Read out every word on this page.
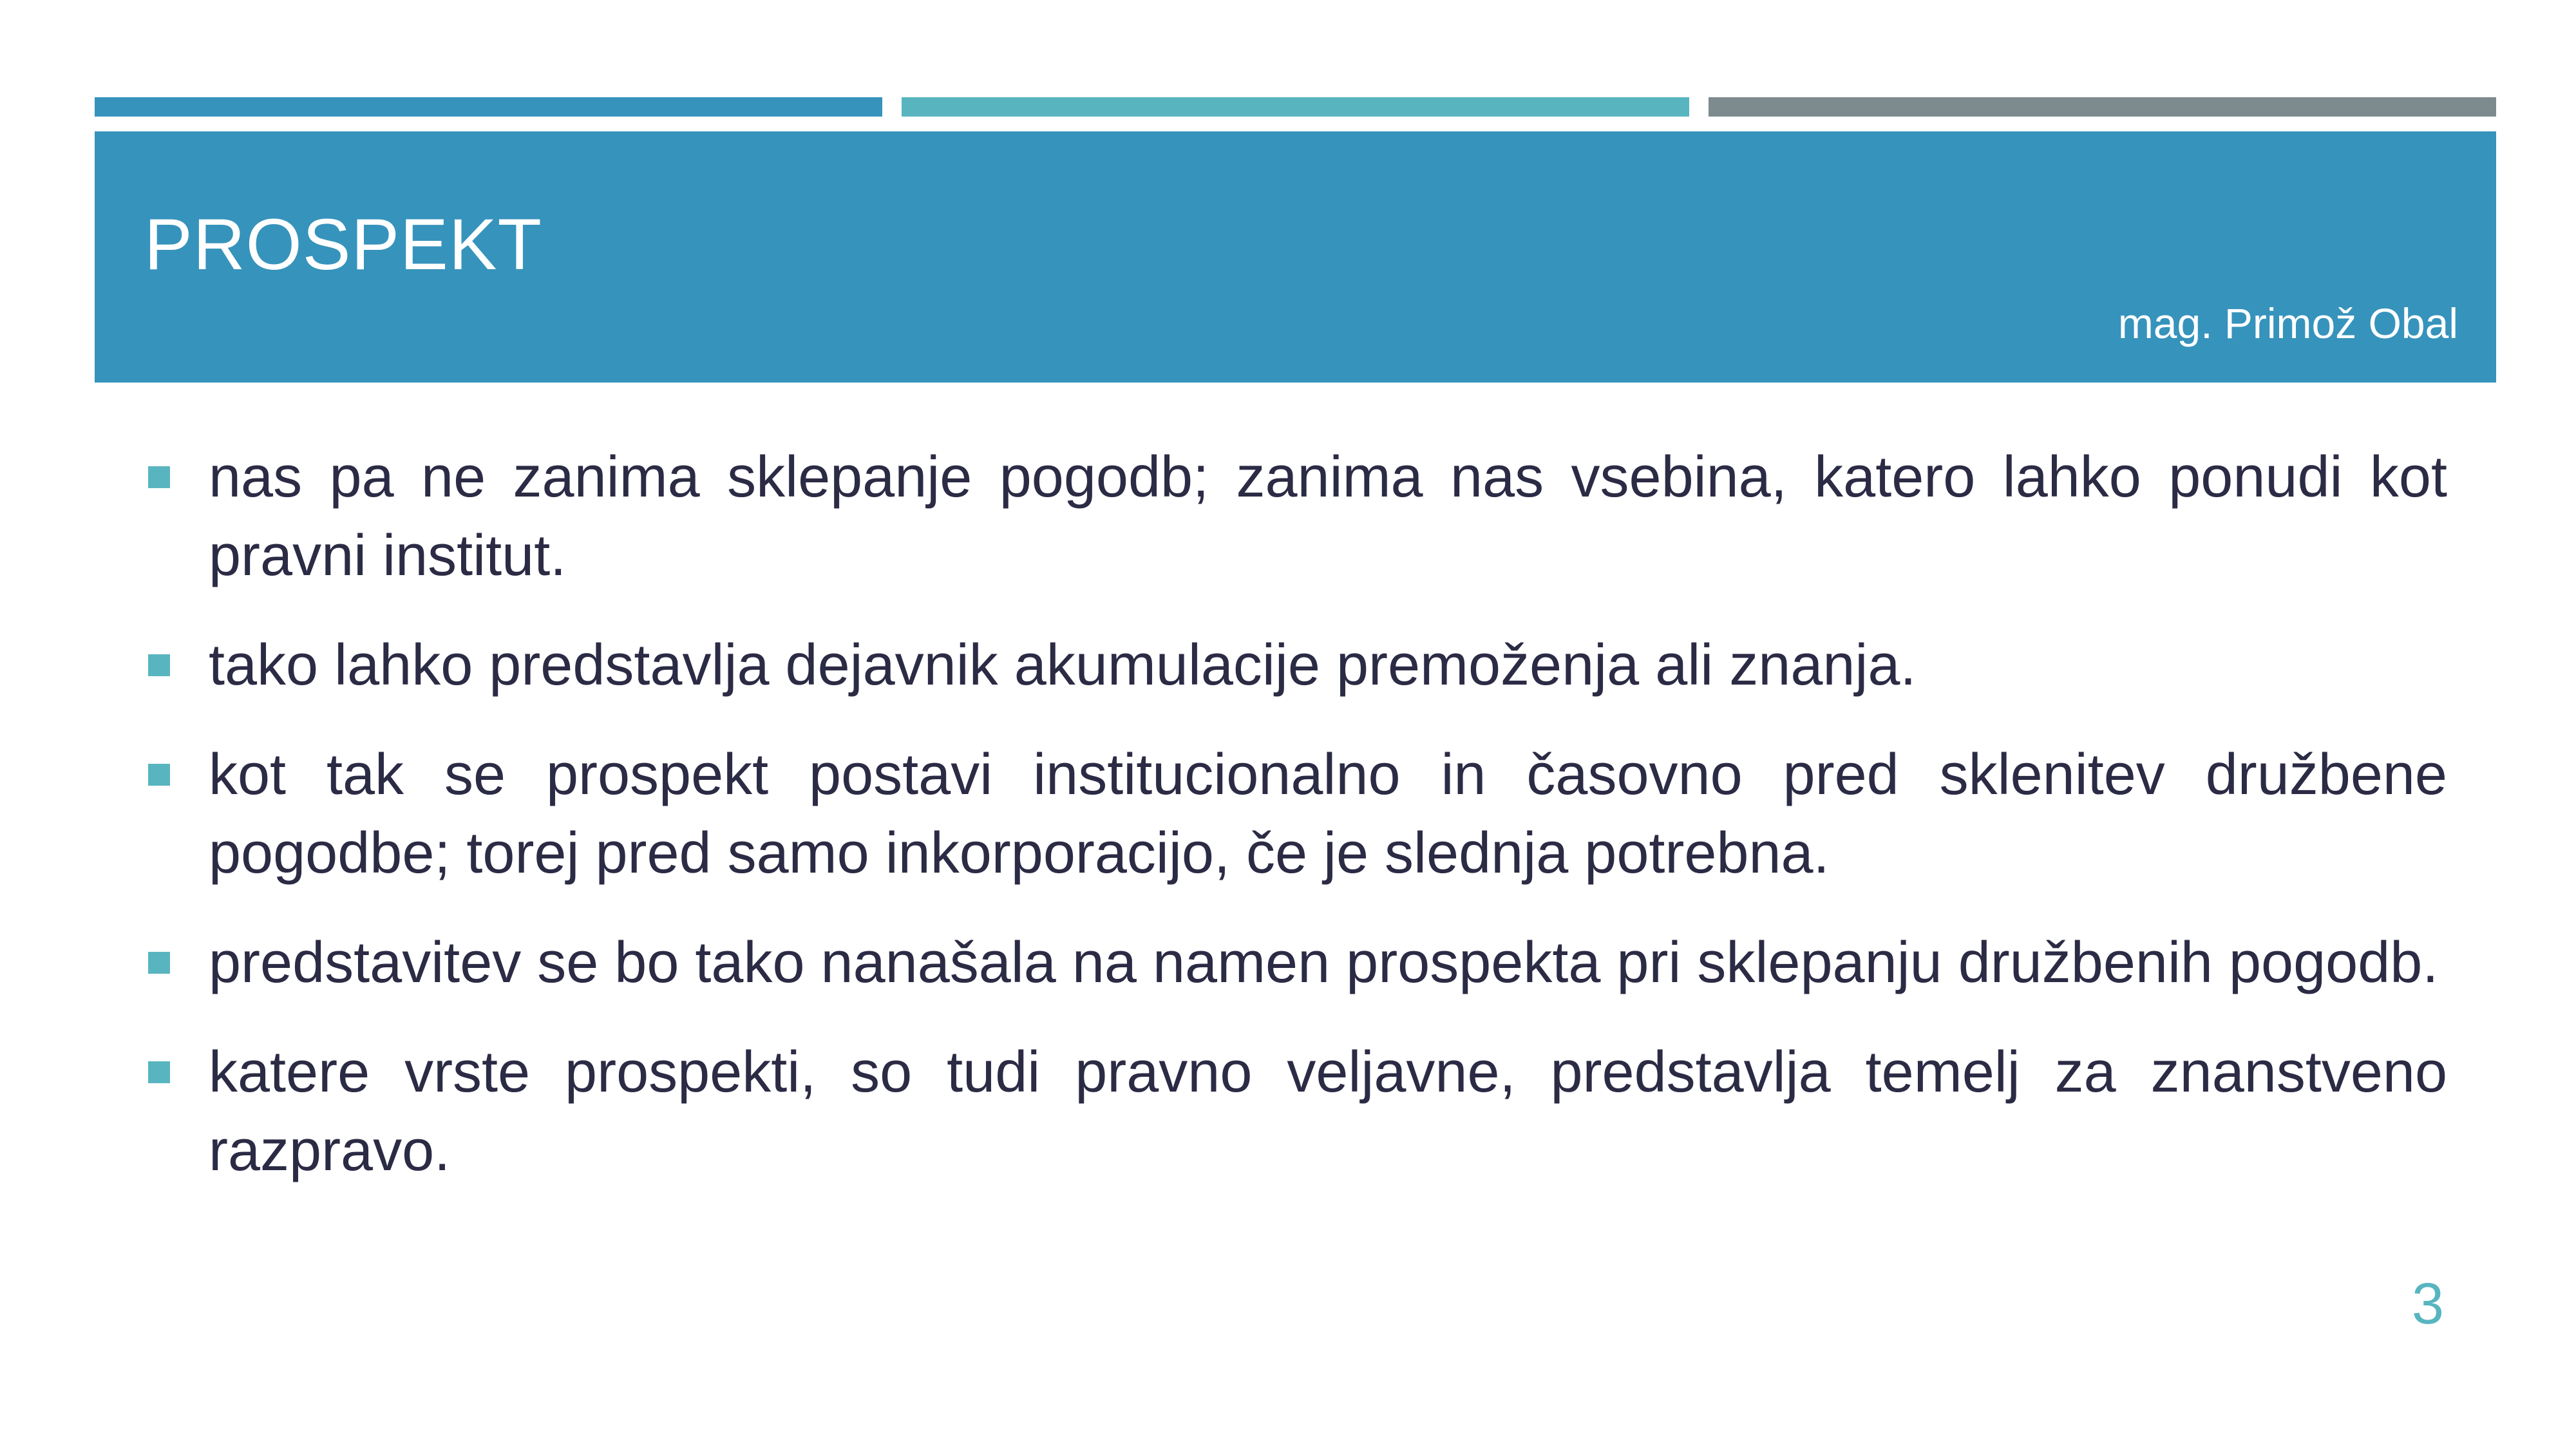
PROSPEKT
mag. Primož Obal
nas pa ne zanima sklepanje pogodb; zanima nas vsebina, katero lahko ponudi kot pravni institut.
tako lahko predstavlja dejavnik akumulacije premoženja ali znanja.
kot tak se prospekt postavi institucionalno in časovno pred sklenitev družbene pogodbe; torej pred samo inkorporacijo, če je slednja potrebna.
predstavitev se bo tako nanašala na namen prospekta pri sklepanju družbenih pogodb.
katere vrste prospekti, so tudi pravno veljavne, predstavlja temelj za znanstveno razpravo.
3
